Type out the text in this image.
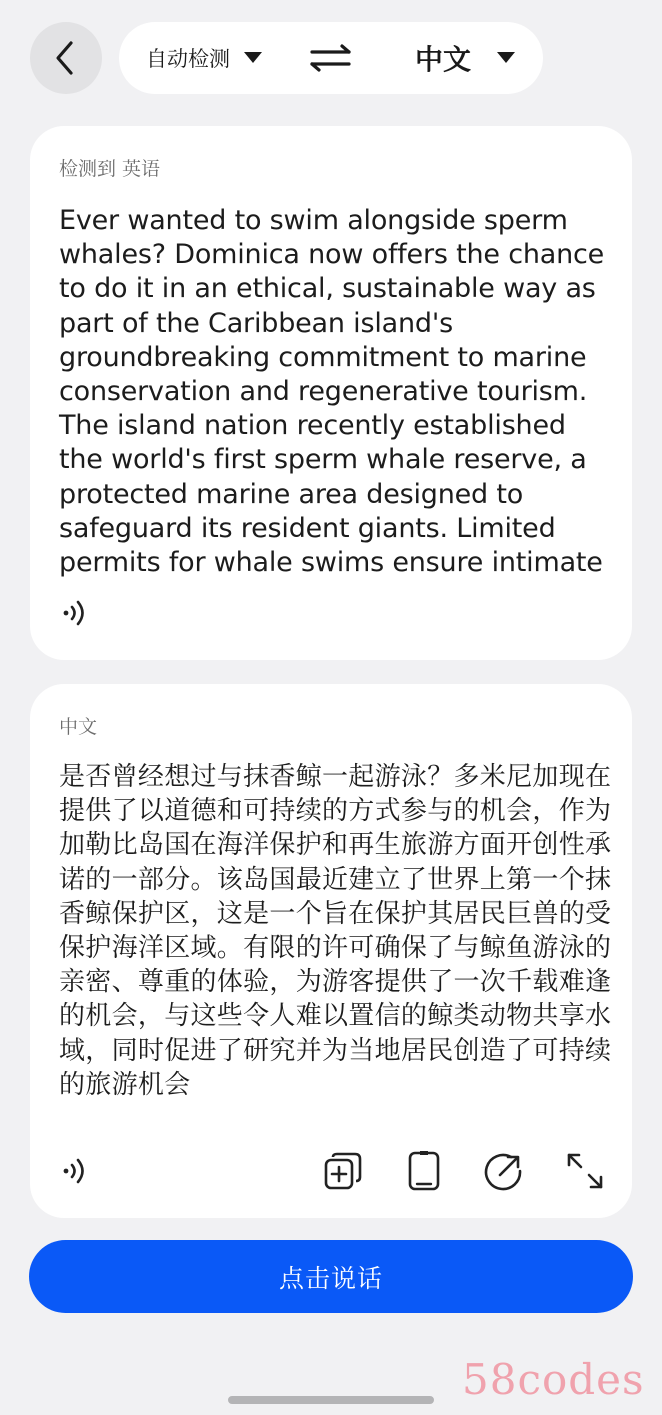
自动检测	中文
检测到 英语
Ever wanted to swim alongside sperm whales? Dominica now offers the chance to do it in an ethical, sustainable way as part of the Caribbean island's groundbreaking commitment to marine conservation and regenerative tourism. The island nation recently established the world's first sperm whale reserve, a protected marine area designed to safeguard its resident giants. Limited permits for whale swims ensure intimate
中文
是否曾经想过与抹香鲸一起游泳？多米尼加现在提供了以道德和可持续的方式参与的机会，作为加勒比岛国在海洋保护和再生旅游方面开创性承诺的一部分。该岛国最近建立了世界上第一个抹香鲸保护区，这是一个旨在保护其居民巨兽的受保护海洋区域。有限的许可确保了与鲸鱼游泳的亲密、尊重的体验，为游客提供了一次千载难逢的机会，与这些令人难以置信的鲸类动物共享水域，同时促进了研究并为当地居民创造了可持续的旅游机会
点击说话
58codes
